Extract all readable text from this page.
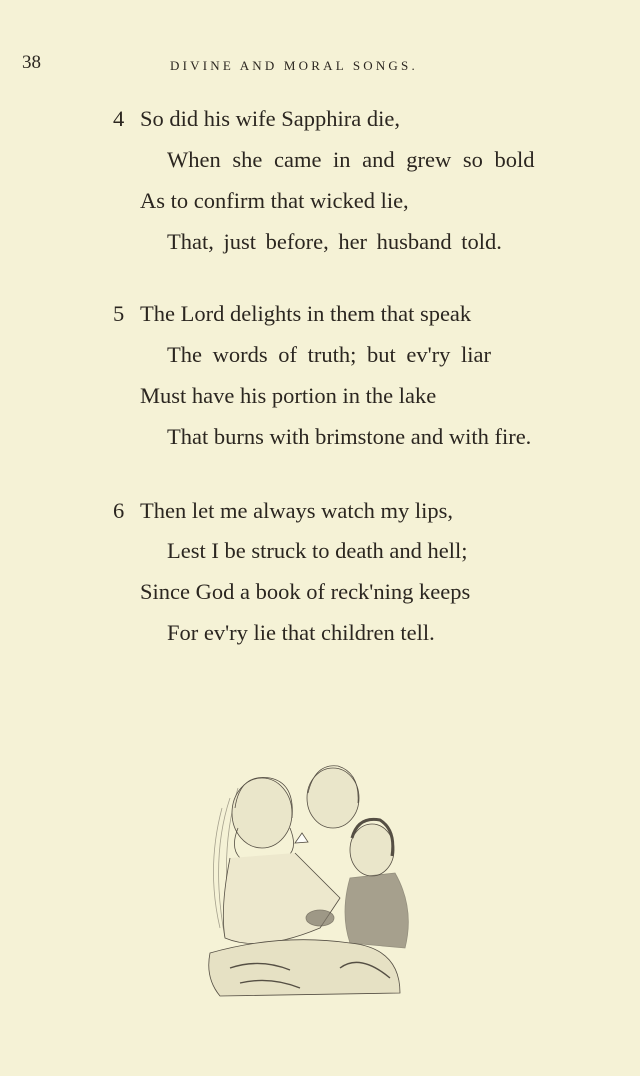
38	DIVINE AND MORAL SONGS.
4 So did his wife Sapphira die,
When she came in and grew so bold
As to confirm that wicked lie,
That, just before, her husband told.
5 The Lord delights in them that speak
The words of truth; but ev'ry liar
Must have his portion in the lake
That burns with brimstone and with fire.
6 Then let me always watch my lips,
Lest I be struck to death and hell;
Since God a book of reck'ning keeps
For ev'ry lie that children tell.
